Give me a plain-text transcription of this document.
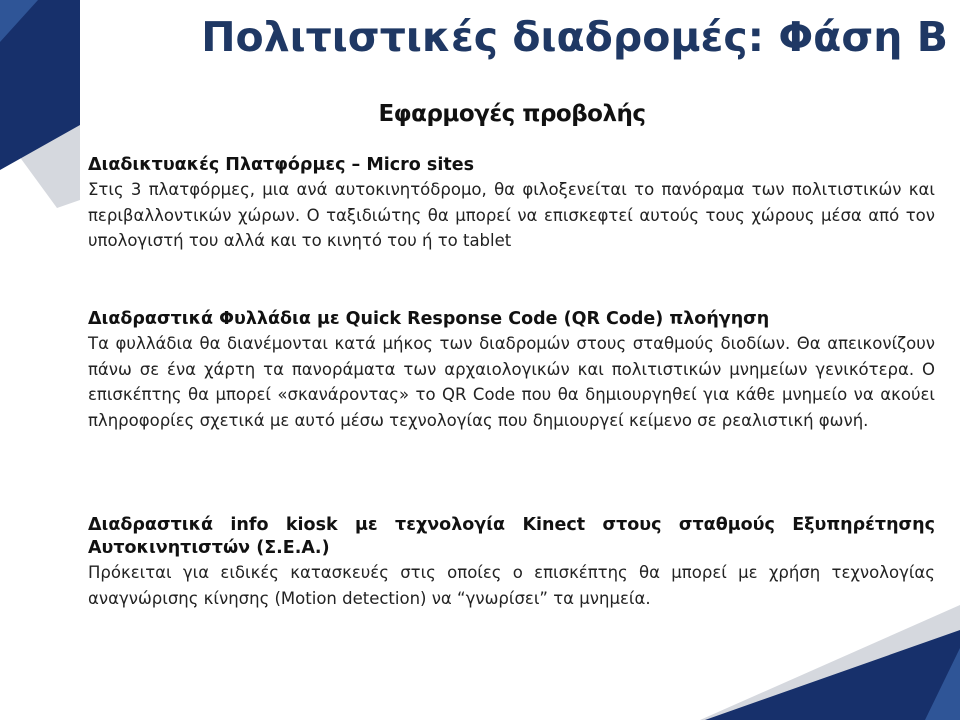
Πολιτιστικές διαδρομές: Φάση Β
Εφαρμογές προβολής

Διαδικτυακές Πλατφόρμες – Micro sites

Στις 3 πλατφόρμες, μια ανά αυτοκινητόδρομο, θα φιλοξενείται το πανόραμα των πολιτιστικών και περιβαλλοντικών χώρων. Ο ταξιδιώτης θα μπορεί να επισκεφτεί αυτούς τους χώρους μέσα από τον υπολογιστή του αλλά και το κινητό του ή το tablet

Διαδραστικά Φυλλάδια με Quick Response Code (QR Code) πλοήγηση

Τα φυλλάδια θα διανέμονται κατά μήκος των διαδρομών στους σταθμούς διοδίων. Θα απεικονίζουν πάνω σε ένα χάρτη τα πανοράματα των αρχαιολογικών και πολιτιστικών μνημείων γενικότερα. Ο επισκέπτης θα μπορεί «σκανάροντας» το QR Code που θα δημιουργηθεί για κάθε μνημείο να ακούει πληροφορίες σχετικά με αυτό μέσω τεχνολογίας που δημιουργεί κείμενο σε ρεαλιστική φωνή.

Διαδραστικά info kiosk με τεχνολογία Kinect στους σταθμούς Εξυπηρέτησης Αυτοκινητιστών (Σ.Ε.Α.)

Πρόκειται για ειδικές κατασκευές στις οποίες ο επισκέπτης θα μπορεί με χρήση τεχνολογίας αναγνώρισης κίνησης (Motion detection) να “γνωρίσει” τα μνημεία.
